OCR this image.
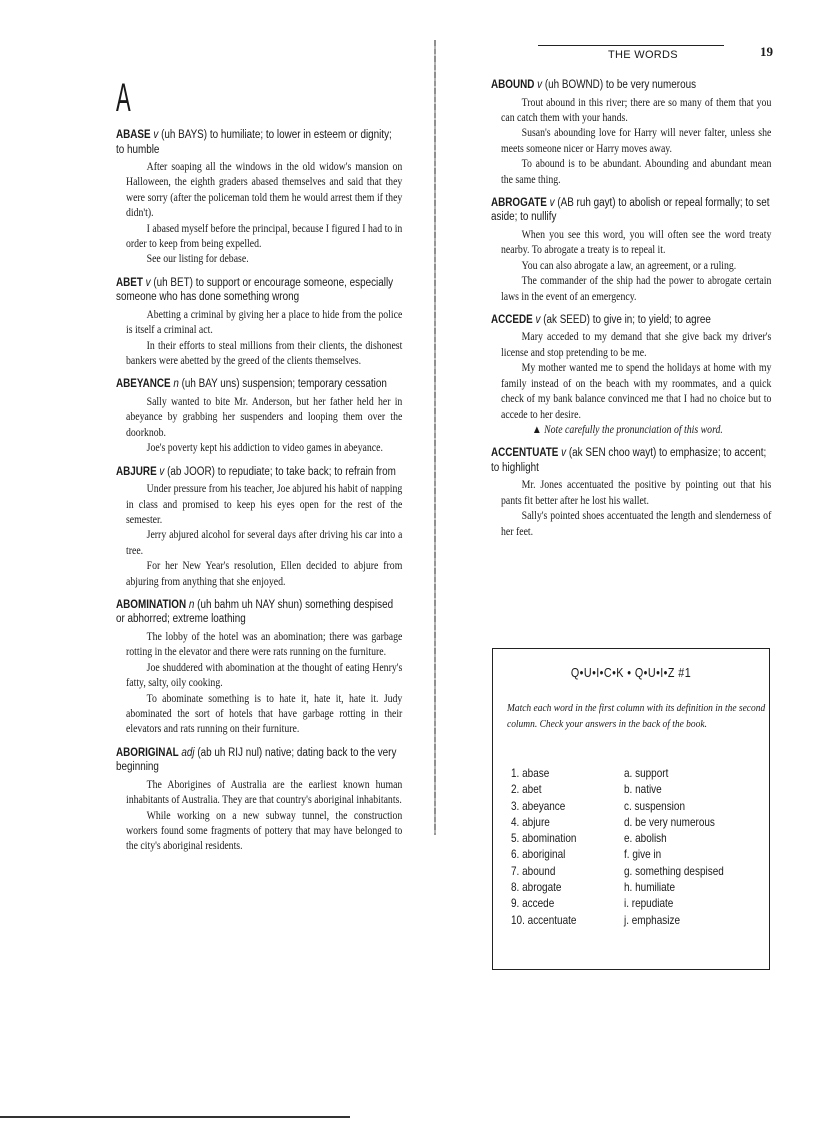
THE WORDS	19
A
ABASE v (uh BAYS) to humiliate; to lower in esteem or dignity; to humble
After soaping all the windows in the old widow's mansion on Halloween, the eighth graders abased themselves and said that they were sorry (after the policeman told them he would arrest them if they didn't).
I abased myself before the principal, because I figured I had to in order to keep from being expelled.
See our listing for debase.
ABET v (uh BET) to support or encourage someone, especially someone who has done something wrong
Abetting a criminal by giving her a place to hide from the police is itself a criminal act.
In their efforts to steal millions from their clients, the dishonest bankers were abetted by the greed of the clients themselves.
ABEYANCE n (uh BAY uns) suspension; temporary cessation
Sally wanted to bite Mr. Anderson, but her father held her in abeyance by grabbing her suspenders and looping them over the doorknob.
Joe's poverty kept his addiction to video games in abeyance.
ABJURE v (ab JOOR) to repudiate; to take back; to refrain from
Under pressure from his teacher, Joe abjured his habit of napping in class and promised to keep his eyes open for the rest of the semester.
Jerry abjured alcohol for several days after driving his car into a tree.
For her New Year's resolution, Ellen decided to abjure from abjuring from anything that she enjoyed.
ABOMINATION n (uh bahm uh NAY shun) something despised or abhorred; extreme loathing
The lobby of the hotel was an abomination; there was garbage rotting in the elevator and there were rats running on the furniture.
Joe shuddered with abomination at the thought of eating Henry's fatty, salty, oily cooking.
To abominate something is to hate it, hate it, hate it. Judy abominated the sort of hotels that have garbage rotting in their elevators and rats running on their furniture.
ABORIGINAL adj (ab uh RIJ nul) native; dating back to the very beginning
The Aborigines of Australia are the earliest known human inhabitants of Australia. They are that country's aboriginal inhabitants.
While working on a new subway tunnel, the construction workers found some fragments of pottery that may have belonged to the city's aboriginal residents.
ABOUND v (uh BOWND) to be very numerous
Trout abound in this river; there are so many of them that you can catch them with your hands.
Susan's abounding love for Harry will never falter, unless she meets someone nicer or Harry moves away.
To abound is to be abundant. Abounding and abundant mean the same thing.
ABROGATE v (AB ruh gayt) to abolish or repeal formally; to set aside; to nullify
When you see this word, you will often see the word treaty nearby. To abrogate a treaty is to repeal it.
You can also abrogate a law, an agreement, or a ruling.
The commander of the ship had the power to abrogate certain laws in the event of an emergency.
ACCEDE v (ak SEED) to give in; to yield; to agree
Mary acceded to my demand that she give back my driver's license and stop pretending to be me.
My mother wanted me to spend the holidays at home with my family instead of on the beach with my roommates, and a quick check of my bank balance convinced me that I had no choice but to accede to her desire.
▲ Note carefully the pronunciation of this word.
ACCENTUATE v (ak SEN choo wayt) to emphasize; to accent; to highlight
Mr. Jones accentuated the positive by pointing out that his pants fit better after he lost his wallet.
Sally's pointed shoes accentuated the length and slenderness of her feet.
Q•U•I•C•K • Q•U•I•Z #1
Match each word in the first column with its definition in the second column. Check your answers in the back of the book.
1. abase	a. support
2. abet	b. native
3. abeyance	c. suspension
4. abjure	d. be very numerous
5. abomination	e. abolish
6. aboriginal	f. give in
7. abound	g. something despised
8. abrogate	h. humiliate
9. accede	i. repudiate
10. accentuate	j. emphasize
